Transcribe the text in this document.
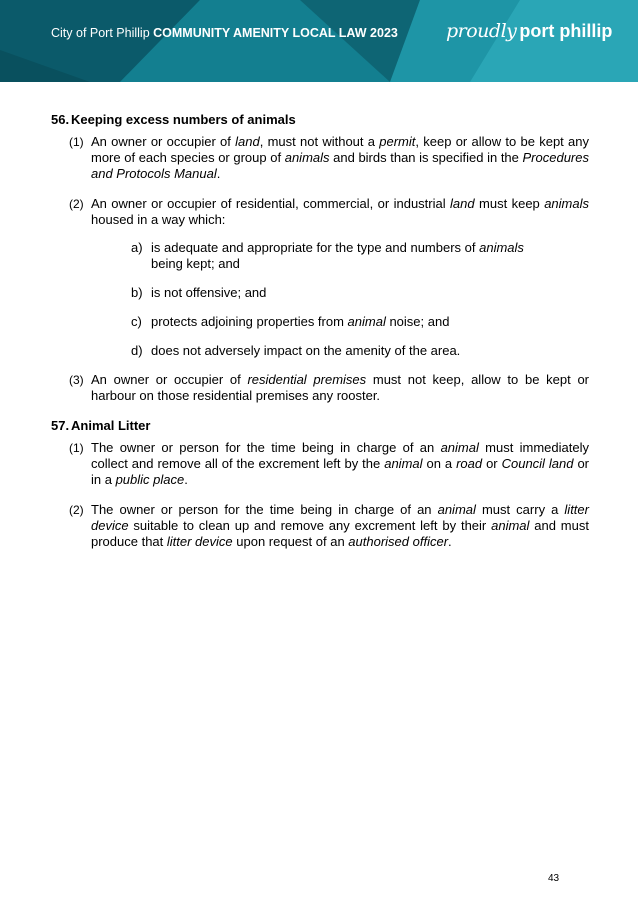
City of Port Phillip COMMUNITY AMENITY LOCAL LAW 2023	proudly port phillip
56. Keeping excess numbers of animals
(1) An owner or occupier of land, must not without a permit, keep or allow to be kept any more of each species or group of animals and birds than is specified in the Procedures and Protocols Manual.
(2) An owner or occupier of residential, commercial, or industrial land must keep animals housed in a way which:
a) is adequate and appropriate for the type and numbers of animals being kept; and
b) is not offensive; and
c) protects adjoining properties from animal noise; and
d) does not adversely impact on the amenity of the area.
(3) An owner or occupier of residential premises must not keep, allow to be kept or harbour on those residential premises any rooster.
57. Animal Litter
(1) The owner or person for the time being in charge of an animal must immediately collect and remove all of the excrement left by the animal on a road or Council land or in a public place.
(2) The owner or person for the time being in charge of an animal must carry a litter device suitable to clean up and remove any excrement left by their animal and must produce that litter device upon request of an authorised officer.
43
